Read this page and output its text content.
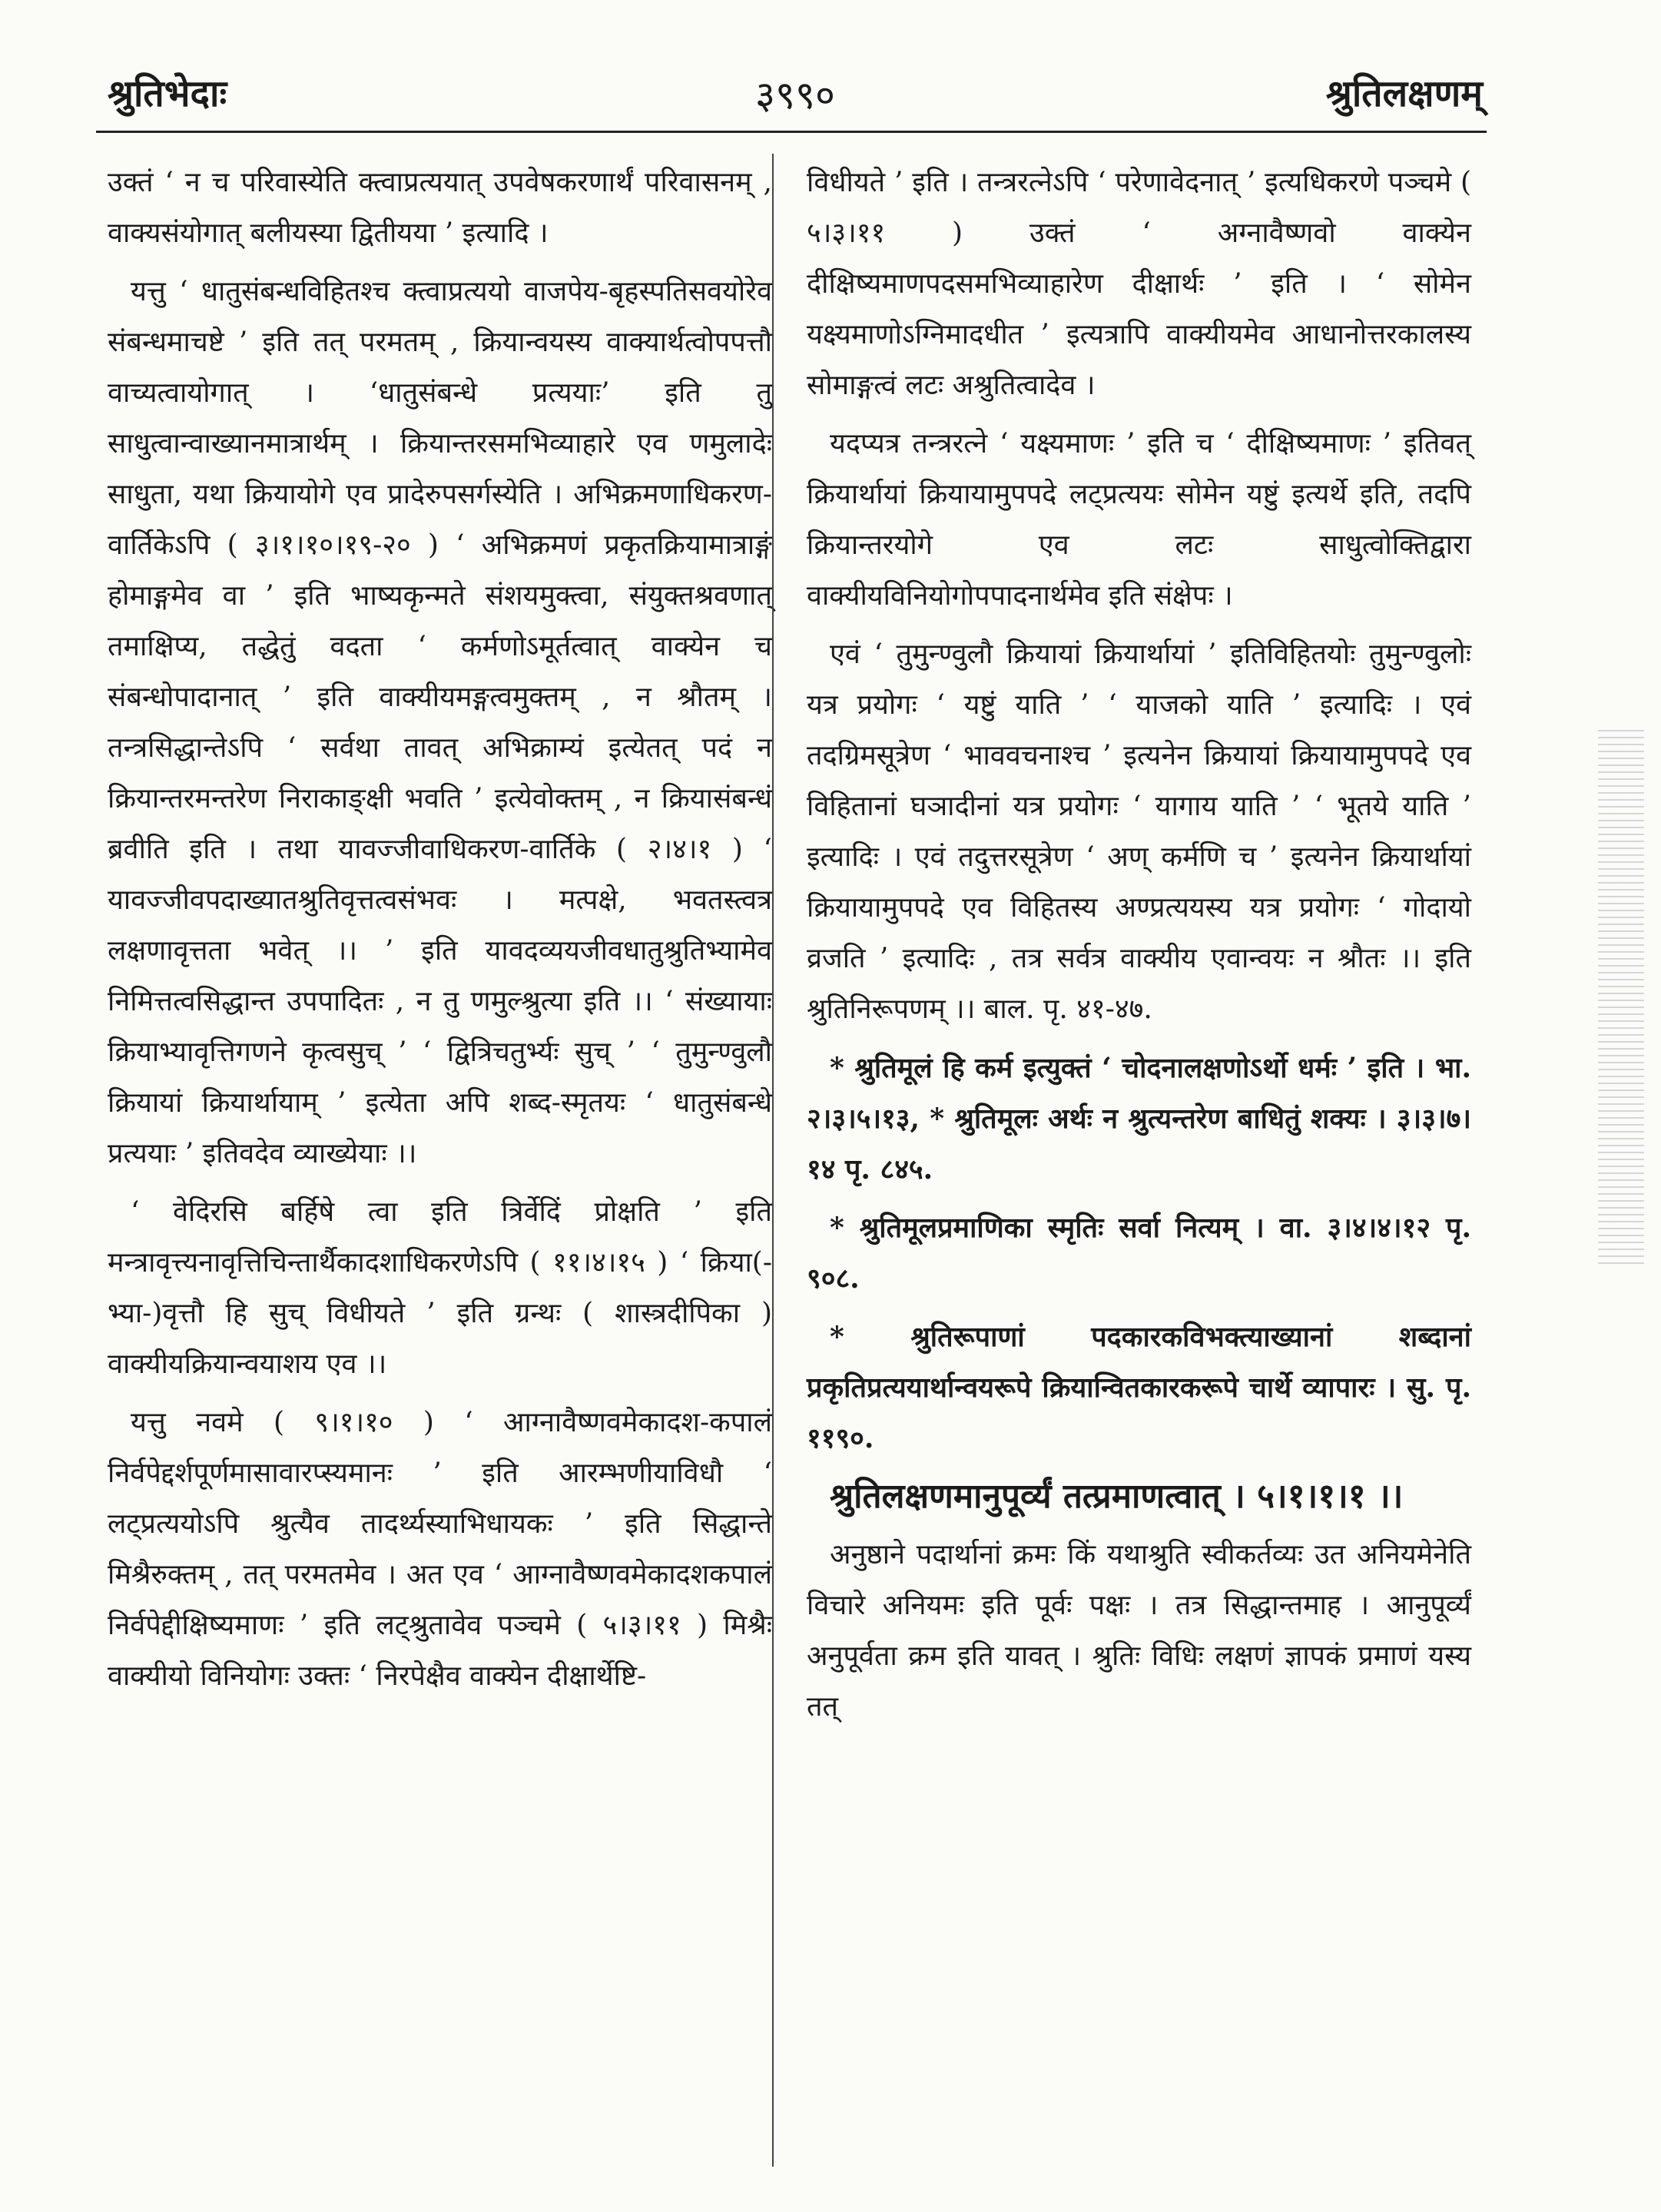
श्रुतिभेदाः	३९९०	श्रुतिलक्षणम्

उक्तं ‘ न च परिवास्येति क्त्वाप्रत्ययात् उपवेषकरणार्थं परिवासनम् , वाक्यसंयोगात् बलीयस्या द्वितीयया ’ इत्यादि ।

यत्तु ‘ धातुसंबन्धविहितश्च क्त्वाप्रत्ययो वाजपेय-बृहस्पतिसवयोरेव संबन्धमाचष्टे ’ इति तत् परमतम् , क्रियान्वयस्य वाक्यार्थत्वोपपत्तौ वाच्यत्वायोगात् । ‘धातुसंबन्धे प्रत्ययाः’ इति तु साधुत्वान्वाख्यानमात्रार्थम् । क्रियान्तरसमभिव्याहारे एव णमुलादेः साधुता, यथा क्रियायोगे एव प्रादेरुपसर्गस्येति । अभिक्रमणाधिकरण-वार्तिकेऽपि ( ३।१।१०।१९-२० ) ‘ अभिक्रमणं प्रकृतक्रियामात्राङ्गं होमाङ्गमेव वा ’ इति भाष्यकृन्मते संशयमुक्त्वा, संयुक्तश्रवणात् तमाक्षिप्य, तद्धेतुं वदता ‘ कर्मणोऽमूर्तत्वात् वाक्येन च संबन्धोपादानात् ’ इति वाक्यीयमङ्गत्वमुक्तम् , न श्रौतम् । तन्त्रसिद्धान्तेऽपि ‘ सर्वथा तावत् अभिक्राम्यं इत्येतत् पदं न क्रियान्तरमन्तरेण निराकाङ्क्षी भवति ’ इत्येवोक्तम् , न क्रियासंबन्धं ब्रवीति इति । तथा यावज्जीवाधिकरण-वार्तिके ( २।४।१ ) ‘ यावज्जीवपदाख्यातश्रुतिवृत्तत्वसंभवः । मत्पक्षे, भवतस्त्वत्र लक्षणावृत्तता भवेत् ।। ’ इति यावदव्ययजीवधातुश्रुतिभ्यामेव निमित्तत्वसिद्धान्त उपपादितः , न तु णमुल्श्रुत्या इति ।। ‘ संख्यायाः क्रियाभ्यावृत्तिगणने कृत्वसुच् ’ ‘ द्वित्रिचतुर्भ्यः सुच् ’ ‘ तुमुन्ण्वुलौ क्रियायां क्रियार्थायाम् ’ इत्येता अपि शब्द-स्मृतयः ‘ धातुसंबन्धे प्रत्ययाः ’ इतिवदेव व्याख्येयाः ।।

‘ वेदिरसि बर्हिषे त्वा इति त्रिर्वेदिं प्रोक्षति ’ इति मन्त्रावृत्त्यनावृत्तिचिन्तार्थैकादशाधिकरणेऽपि ( ११।४।१५ ) ‘ क्रिया(-भ्या-)वृत्तौ हि सुच् विधीयते ’ इति ग्रन्थः ( शास्त्रदीपिका ) वाक्यीयक्रियान्वयाशय एव ।।

यत्तु नवमे ( ९।१।१० ) ‘ आग्नावैष्णवमेकादश-कपालं निर्वपेद्दर्शपूर्णमासावारप्स्यमानः ’ इति आरम्भणीयाविधौ ‘ लट्प्रत्ययोऽपि श्रुत्यैव तादर्थ्यस्याभिधायकः ’ इति सिद्धान्ते मिश्रैरुक्तम् , तत् परमतमेव । अत एव ‘ आग्नावैष्णवमेकादशकपालं निर्वपेद्दीक्षिष्यमाणः ’ इति लट्श्रुतावेव पञ्चमे ( ५।३।११ ) मिश्रैः वाक्यीयो विनियोगः उक्तः ‘ निरपेक्षैव वाक्येन दीक्षार्थेष्टि-

विधीयते ’ इति । तन्त्ररत्नेऽपि ‘ परेणावेदनात् ’ इत्यधिकरणे पञ्चमे ( ५।३।११ ) उक्तं ‘ अग्नावैष्णवो वाक्येन दीक्षिष्यमाणपदसमभिव्याहारेण दीक्षार्थः ’ इति । ‘ सोमेन यक्ष्यमाणोऽग्निमादधीत ’ इत्यत्रापि वाक्यीयमेव आधानोत्तरकालस्य सोमाङ्गत्वं लटः अश्रुतित्वादेव ।

यदप्यत्र तन्त्ररत्ने ‘ यक्ष्यमाणः ’ इति च ‘ दीक्षिष्यमाणः ’ इतिवत् क्रियार्थायां क्रियायामुपपदे लट्प्रत्ययः सोमेन यष्टुं इत्यर्थे इति, तदपि क्रियान्तरयोगे एव लटः साधुत्वोक्तिद्वारा वाक्यीयविनियोगोपपादनार्थमेव इति संक्षेपः ।

एवं ‘ तुमुन्ण्वुलौ क्रियायां क्रियार्थायां ’ इतिविहितयोः तुमुन्ण्वुलोः यत्र प्रयोगः ‘ यष्टुं याति ’ ‘ याजको याति ’ इत्यादिः । एवं तदग्रिमसूत्रेण ‘ भाववचनाश्च ’ इत्यनेन क्रियायां क्रियायामुपपदे एव विहितानां घञादीनां यत्र प्रयोगः ‘ यागाय याति ’ ‘ भूतये याति ’ इत्यादिः । एवं तदुत्तरसूत्रेण ‘ अण् कर्मणि च ’ इत्यनेन क्रियार्थायां क्रियायामुपपदे एव विहितस्य अण्प्रत्ययस्य यत्र प्रयोगः ‘ गोदायो व्रजति ’ इत्यादिः , तत्र सर्वत्र वाक्यीय एवान्वयः न श्रौतः ।। इति श्रुतिनिरूपणम् ।। बाल. पृ. ४१-४७.

* श्रुतिमूलं हि कर्म इत्युक्तं ‘ चोदनालक्षणोऽर्थो धर्मः ’ इति । भा. २।३।५।१३, * श्रुतिमूलः अर्थः न श्रुत्यन्तरेण बाधितुं शक्यः । ३।३।७।१४ पृ. ८४५.

* श्रुतिमूलप्रमाणिका स्मृतिः सर्वा नित्यम् । वा. ३।४।४।१२ पृ. ९०८.

* श्रुतिरूपाणां पदकारकविभक्त्याख्यानां शब्दानां प्रकृतिप्रत्ययार्थान्वयरूपे क्रियान्वितकारकरूपे चार्थे व्यापारः । सु. पृ. ११९०.

श्रुतिलक्षणमानुपूर्व्यं तत्प्रमाणत्वात् । ५।१।१।१ ।।

अनुष्ठाने पदार्थानां क्रमः किं यथाश्रुति स्वीकर्तव्यः उत अनियमेनेति विचारे अनियमः इति पूर्वः पक्षः । तत्र सिद्धान्तमाह । आनुपूर्व्यं अनुपूर्वता क्रम इति यावत् । श्रुतिः विधिः लक्षणं ज्ञापकं प्रमाणं यस्य तत्
